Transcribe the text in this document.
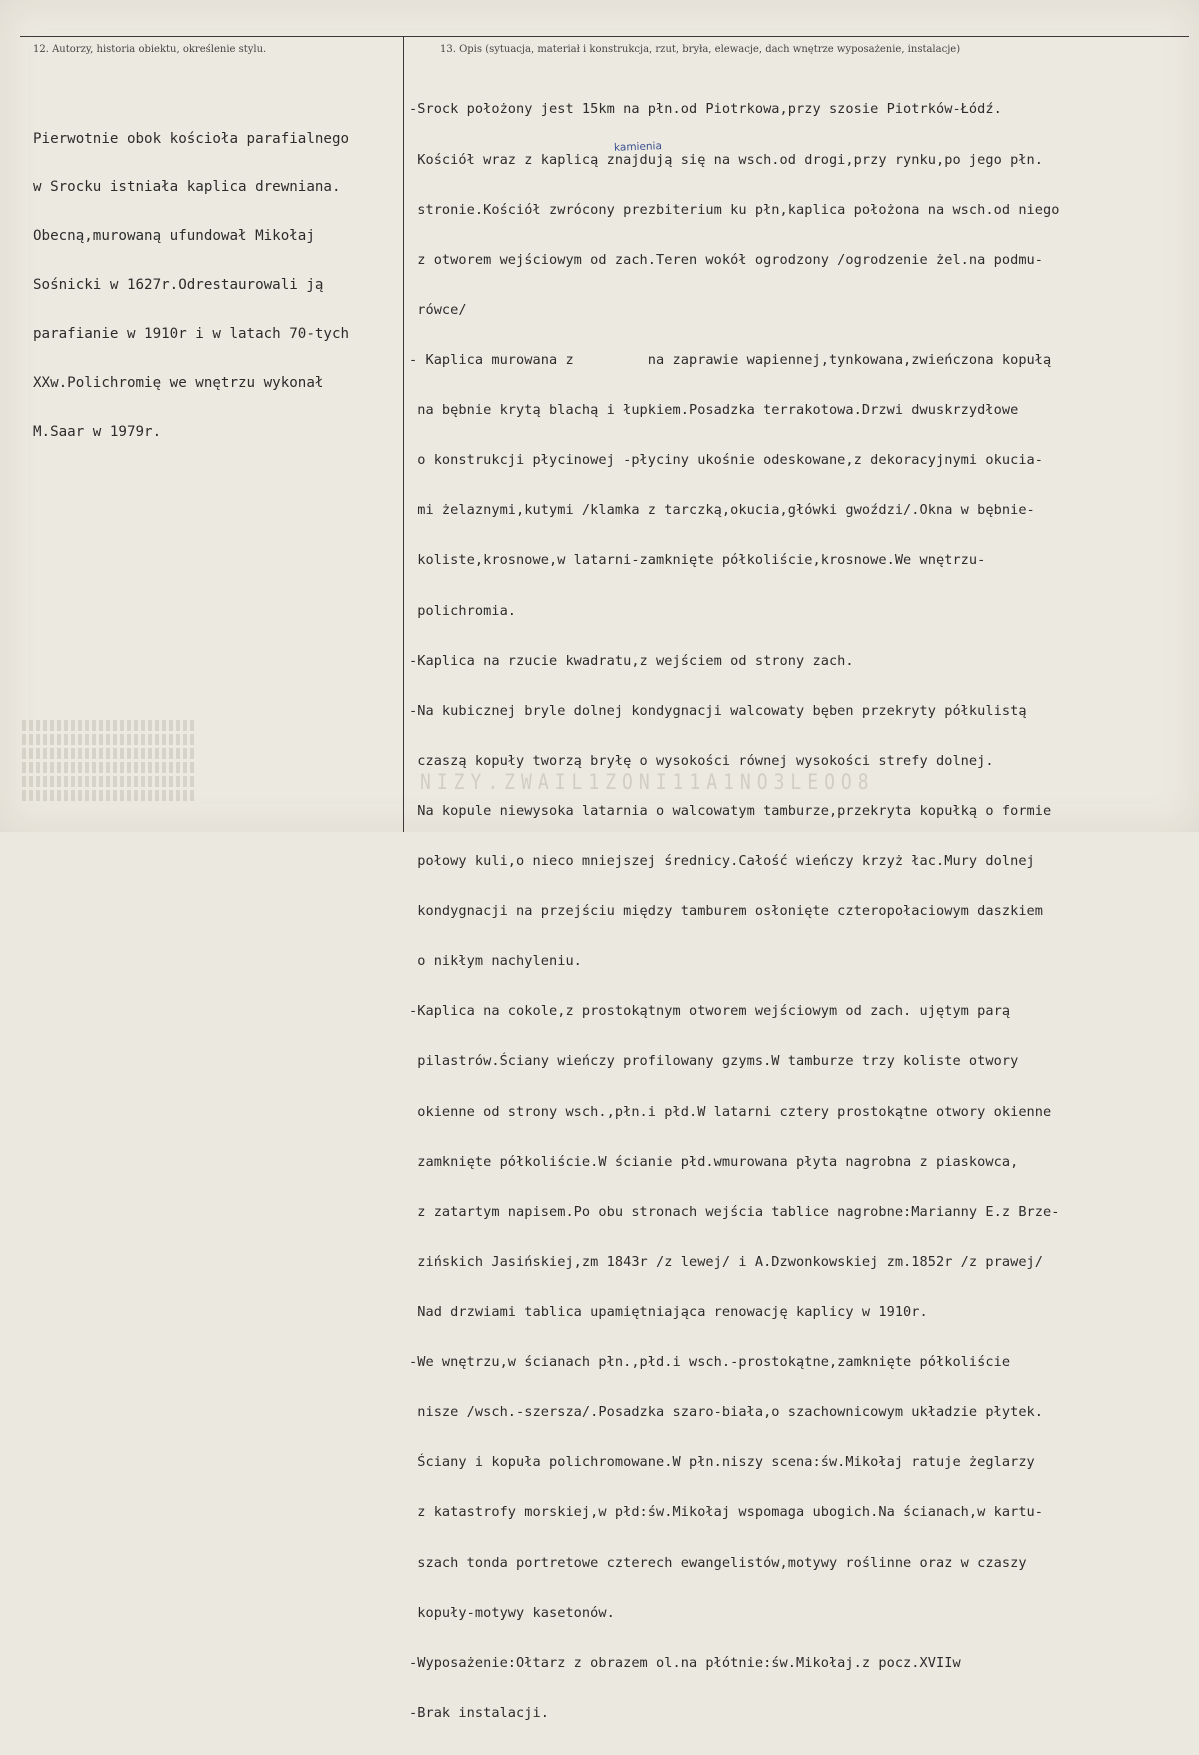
12. Autorzy, historia obiektu, określenie stylu.	13. Opis (sytuacja, materiał i konstrukcja, rzut, bryła, elewacje, dach wnętrze wyposażenie, instalacje)

Pierwotnie obok kościoła parafialnego

w Srocku istniała kaplica drewniana.

Obecną,murowaną ufundował Mikołaj

Sośnicki w 1627r.Odrestaurowali ją

parafianie w 1910r i w latach 70-tych

XXw.Polichromię we wnętrzu wykonał

M.Saar w 1979r.

-Srock położony jest 15km na płn.od Piotrkowa,przy szosie Piotrków-Łódź.

Kościół wraz z kaplicą znajdują się na wsch.od drogi,przy rynku,po jego płn.

stronie.Kościół zwrócony prezbiterium ku płn,kaplica położona na wsch.od niego

z otworem wejściowym od zach.Teren wokół ogrodzony /ogrodzenie żel.na podmu-

rówce/

- Kaplica murowana z         na zaprawie wapiennej,tynkowana,zwieńczona kopułą

na bębnie krytą blachą i łupkiem.Posadzka terrakotowa.Drzwi dwuskrzydłowe

o konstrukcji płycinowej -płyciny ukośnie odeskowane,z dekoracyjnymi okucia-

mi żelaznymi,kutymi /klamka z tarczką,okucia,główki gwoździ/.Okna w bębnie-

koliste,krosnowe,w latarni-zamknięte półkoliście,krosnowe.We wnętrzu-

polichromia.

-Kaplica na rzucie kwadratu,z wejściem od strony zach.

-Na kubicznej bryle dolnej kondygnacji walcowaty bęben przekryty półkulistą

czaszą kopuły tworzą bryłę o wysokości równej wysokości strefy dolnej.

Na kopule niewysoka latarnia o walcowatym tamburze,przekryta kopułką o formie

połowy kuli,o nieco mniejszej średnicy.Całość wieńczy krzyż łac.Mury dolnej

kondygnacji na przejściu między tamburem osłonięte czteropołaciowym daszkiem

o nikłym nachyleniu.

-Kaplica na cokole,z prostokątnym otworem wejściowym od zach. ujętym parą

pilastrów.Ściany wieńczy profilowany gzyms.W tamburze trzy koliste otwory

okienne od strony wsch.,płn.i płd.W latarni cztery prostokątne otwory okienne

zamknięte półkoliście.W ścianie płd.wmurowana płyta nagrobna z piaskowca,

z zatartym napisem.Po obu stronach wejścia tablice nagrobne:Marianny E.z Brze-

zińskich Jasińskiej,zm 1843r /z lewej/ i A.Dzwonkowskiej zm.1852r /z prawej/

Nad drzwiami tablica upamiętniająca renowację kaplicy w 1910r.

-We wnętrzu,w ścianach płn.,płd.i wsch.-prostokątne,zamknięte półkoliście

nisze /wsch.-szersza/.Posadzka szaro-biała,o szachownicowym układzie płytek.

Ściany i kopuła polichromowane.W płn.niszy scena:św.Mikołaj ratuje żeglarzy

z katastrofy morskiej,w płd:św.Mikołaj wspomaga ubogich.Na ścianach,w kartu-

szach tonda portretowe czterech ewangelistów,motywy roślinne oraz w czaszy

kopuły-motywy kasetonów.

-Wyposażenie:Ołtarz z obrazem ol.na płótnie:św.Mikołaj.z pocz.XVIIw

-Brak instalacji.

kamienia
NIZY.ZWAIL1ZONI11A1NO3LEOO8
